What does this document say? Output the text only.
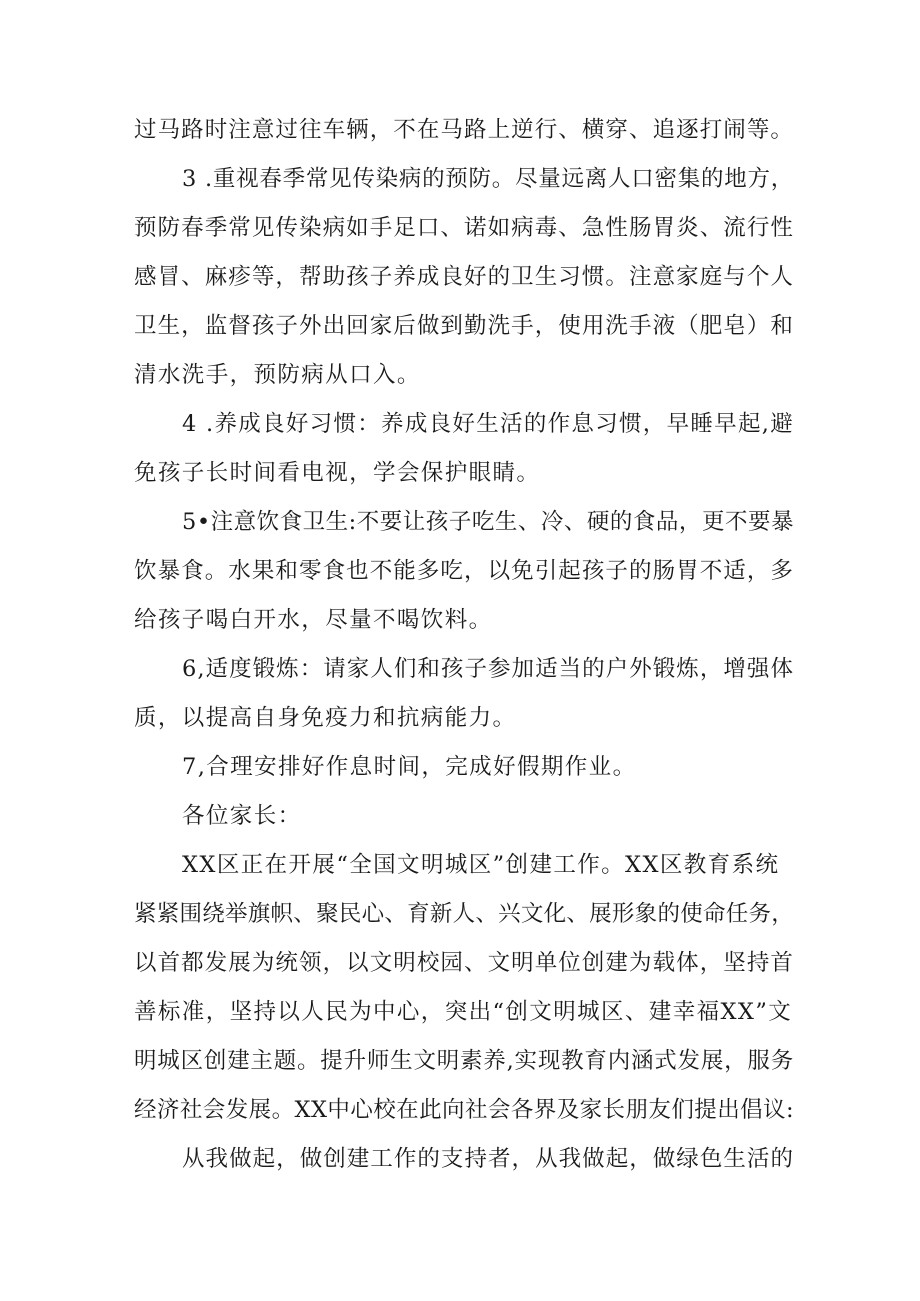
过马路时注意过往车辆，不在马路上逆行、横穿、追逐打闹等。
3 .重视春季常见传染病的预防。尽量远离人口密集的地方，
预防春季常见传染病如手足口、诺如病毒、急性肠胃炎、流行性
感冒、麻疹等，帮助孩子养成良好的卫生习惯。注意家庭与个人
卫生，监督孩子外出回家后做到勤洗手，使用洗手液（肥皂）和
清水洗手，预防病从口入。
4 .养成良好习惯：养成良好生活的作息习惯，早睡早起,避
免孩子长时间看电视，学会保护眼睛。
5•注意饮食卫生:不要让孩子吃生、冷、硬的食品，更不要暴
饮暴食。水果和零食也不能多吃，以免引起孩子的肠胃不适，多
给孩子喝白开水，尽量不喝饮料。
6,适度锻炼：请家人们和孩子参加适当的户外锻炼，增强体
质，以提高自身免疫力和抗病能力。
7,合理安排好作息时间，完成好假期作业。
各位家长：
XX区正在开展“全国文明城区”创建工作。XX区教育系统
紧紧围绕举旗帜、聚民心、育新人、兴文化、展形象的使命任务，
以首都发展为统领，以文明校园、文明单位创建为载体，坚持首
善标准，坚持以人民为中心，突出“创文明城区、建幸福XX”文
明城区创建主题。提升师生文明素养,实现教育内涵式发展，服务
经济社会发展。XX中心校在此向社会各界及家长朋友们提出倡议:
从我做起，做创建工作的支持者，从我做起，做绿色生活的
